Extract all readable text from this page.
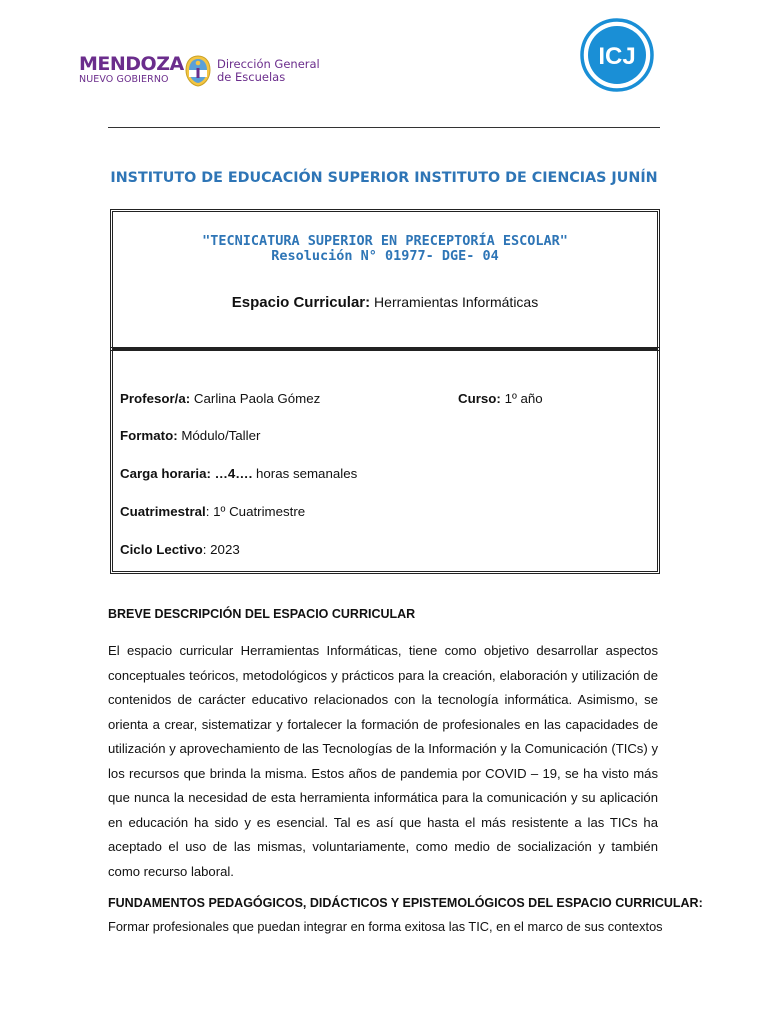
MENDOZA
NUEVO GOBIERNO
Dirección General
de Escuelas
ICJ
INSTITUTO DE EDUCACIÓN SUPERIOR INSTITUTO DE CIENCIAS JUNÍN
"TECNICATURA SUPERIOR EN PRECEPTORÍA ESCOLAR"
Resolución N° 01977- DGE- 04
Espacio Curricular: Herramientas Informáticas
Profesor/a: Carlina Paola Gómez	Curso: 1º año
Formato: Módulo/Taller
Carga horaria: …4…. horas semanales
Cuatrimestral: 1º Cuatrimestre
Ciclo Lectivo: 2023
BREVE DESCRIPCIÓN DEL ESPACIO CURRICULAR

El espacio curricular Herramientas Informáticas, tiene como objetivo desarrollar aspectos conceptuales teóricos, metodológicos y prácticos para la creación, elaboración y utilización de contenidos de carácter educativo relacionados con la tecnología informática. Asimismo, se orienta a crear, sistematizar y fortalecer la formación de profesionales en las capacidades de utilización y aprovechamiento de las Tecnologías de la Información y la Comunicación (TICs) y los recursos que brinda la misma. Estos años de pandemia por COVID – 19, se ha visto más que nunca la necesidad de esta herramienta informática para la comunicación y su aplicación en educación ha sido y es esencial. Tal es así que hasta el más resistente a las TICs ha aceptado el uso de las mismas, voluntariamente, como medio de socialización y también como recurso laboral.

FUNDAMENTOS PEDAGÓGICOS, DIDÁCTICOS Y EPISTEMOLÓGICOS DEL ESPACIO CURRICULAR:

Formar profesionales que puedan integrar en forma exitosa las TIC, en el marco de sus contextos
